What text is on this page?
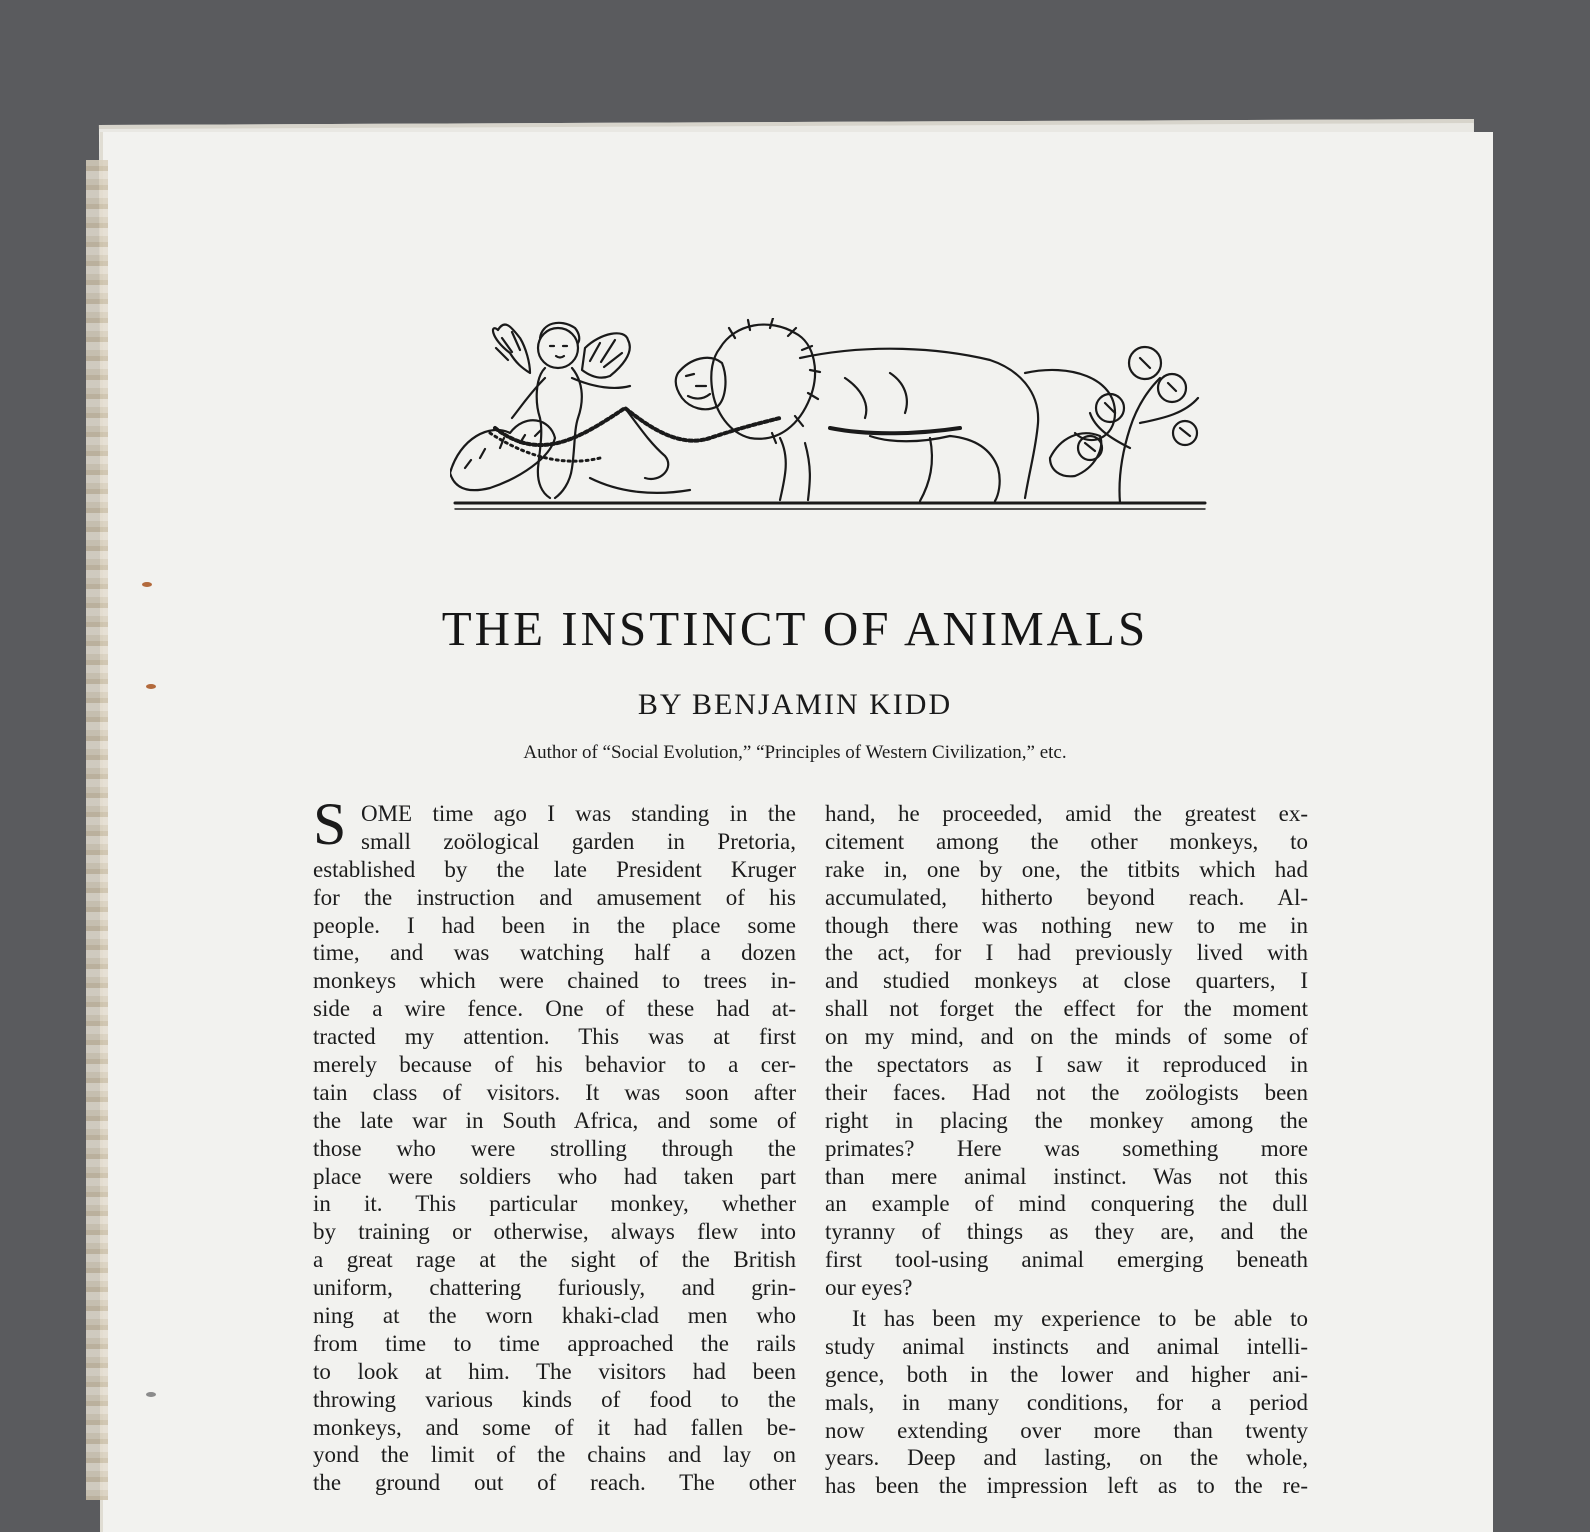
THE INSTINCT OF ANIMALS
BY BENJAMIN KIDD
Author of “Social Evolution,” “Principles of Western Civilization,” etc.
S OME time ago I was standing in the
small zoölogical garden in Pretoria,
established by the late President Kruger
for the instruction and amusement of his
people. I had been in the place some
time, and was watching half a dozen
monkeys which were chained to trees in-
side a wire fence. One of these had at-
tracted my attention. This was at first
merely because of his behavior to a cer-
tain class of visitors. It was soon after
the late war in South Africa, and some of
those who were strolling through the
place were soldiers who had taken part
in it. This particular monkey, whether
by training or otherwise, always flew into
a great rage at the sight of the British
uniform, chattering furiously, and grin-
ning at the worn khaki-clad men who
from time to time approached the rails
to look at him. The visitors had been
throwing various kinds of food to the
monkeys, and some of it had fallen be-
yond the limit of the chains and lay on
the ground out of reach. The other
hand, he proceeded, amid the greatest ex-
citement among the other monkeys, to
rake in, one by one, the titbits which had
accumulated, hitherto beyond reach. Al-
though there was nothing new to me in
the act, for I had previously lived with
and studied monkeys at close quarters, I
shall not forget the effect for the moment
on my mind, and on the minds of some of
the spectators as I saw it reproduced in
their faces. Had not the zoölogists been
right in placing the monkey among the
primates? Here was something more
than mere animal instinct. Was not this
an example of mind conquering the dull
tyranny of things as they are, and the
first tool-using animal emerging beneath
our eyes?
It has been my experience to be able to
study animal instincts and animal intelli-
gence, both in the lower and higher ani-
mals, in many conditions, for a period
now extending over more than twenty
years. Deep and lasting, on the whole,
has been the impression left as to the re-
